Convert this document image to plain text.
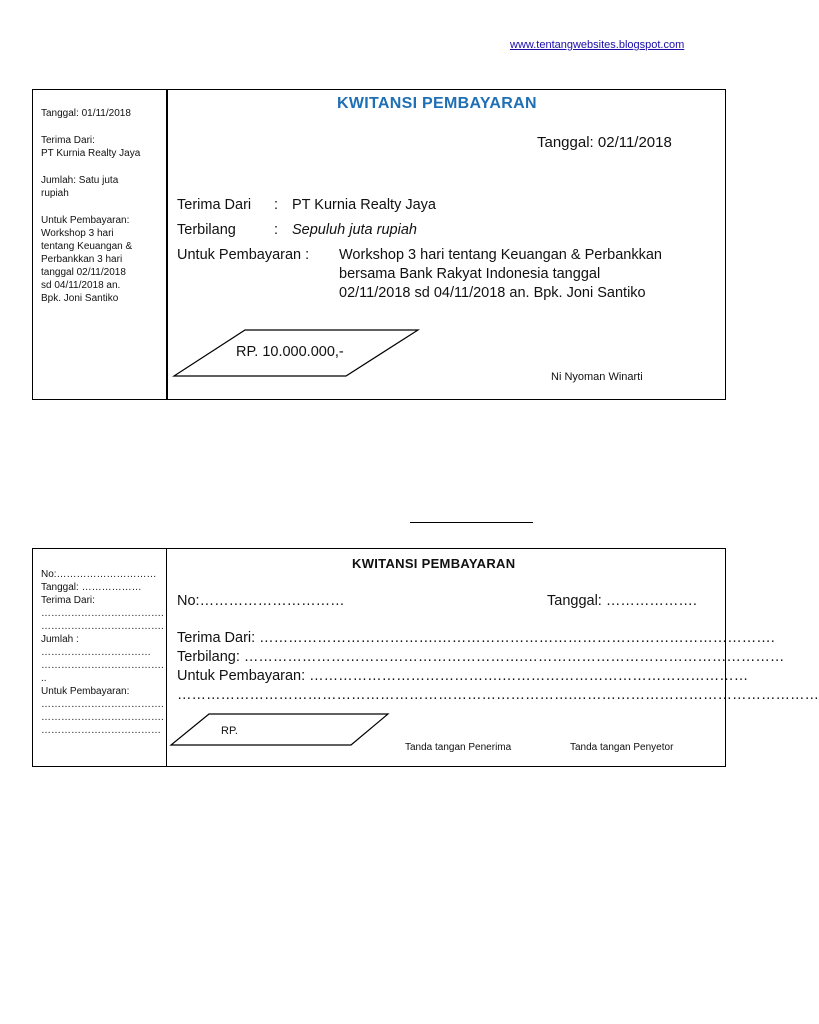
www.tentangwebsites.blogspot.com
Tanggal: 01/11/2018
Terima Dari:
PT Kurnia Realty Jaya
Jumlah: Satu juta
rupiah
Untuk Pembayaran:
Workshop 3 hari
tentang Keuangan &
Perbankkan 3 hari
tanggal 02/11/2018
sd 04/11/2018 an.
Bpk. Joni Santiko
KWITANSI PEMBAYARAN
Tanggal: 02/11/2018
Terima Dari : PT Kurnia Realty Jaya
Terbilang	: Sepuluh juta rupiah
Untuk Pembayaran : Workshop 3 hari tentang Keuangan & Perbankkan
bersama Bank Rakyat Indonesia tanggal
02/11/2018 sd 04/11/2018 an. Bpk. Joni Santiko
RP. 10.000.000,-
Ni Nyoman Winarti
No:…………………………
Tanggal: ………………
Terima Dari:
……………………………….
……………………………….
Jumlah :
……………………………
……………………………….
..
Untuk Pembayaran:
……………………………….
……………………………….
………………………………
KWITANSI PEMBAYARAN
No:…………………………	Tanggal: ……………….
Terima Dari: ……………………………….…………………………………………………………….
Terbilang: ………………………………………………….………………………………………………
Untuk Pembayaran: ………………………………….……………………………………………
……………………………………………………………………….……………………………………………
RP.
Tanda tangan Penerima	Tanda tangan Penyetor
